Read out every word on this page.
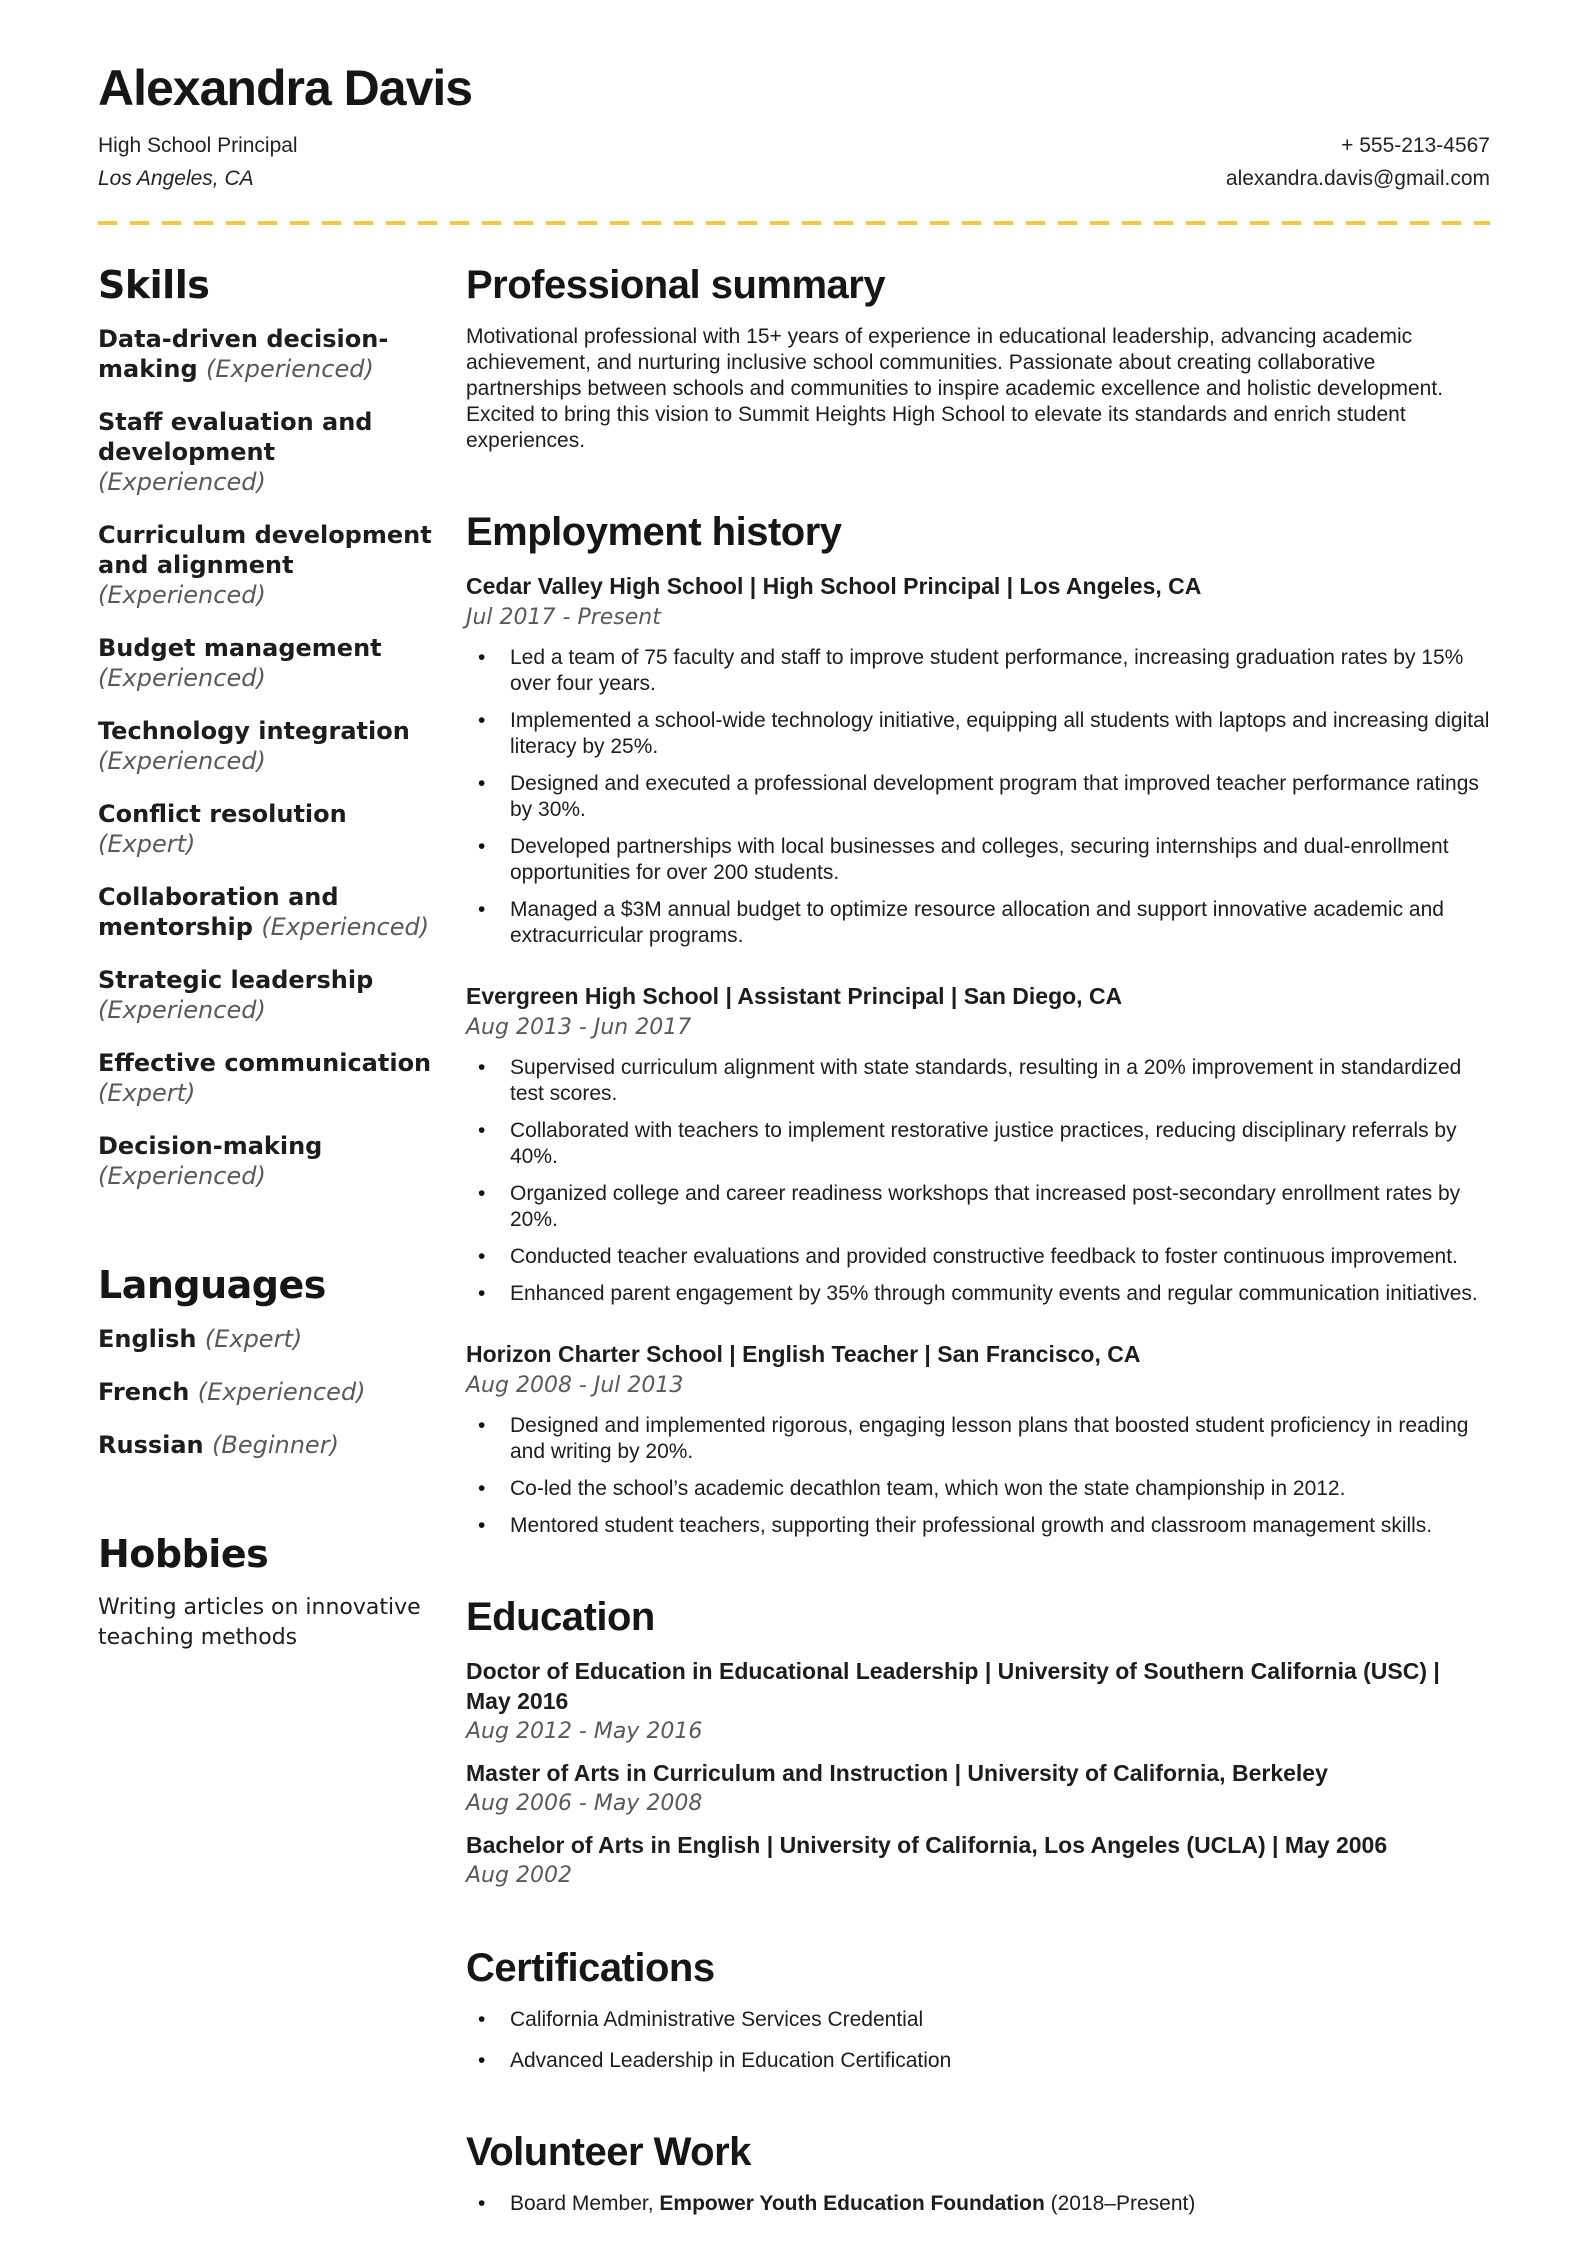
Alexandra Davis
High School Principal	+ 555-213-4567
Los Angeles, CA	alexandra.davis@gmail.com
Skills

Data-driven decision-making (Experienced)

Staff evaluation and development (Experienced)

Curriculum development and alignment (Experienced)

Budget management (Experienced)

Technology integration (Experienced)

Conflict resolution (Expert)

Collaboration and mentorship (Experienced)

Strategic leadership (Experienced)

Effective communication (Expert)

Decision-making (Experienced)

Languages

English (Expert)

French (Experienced)

Russian (Beginner)

Hobbies

Writing articles on innovative teaching methods

Professional summary

Motivational professional with 15+ years of experience in educational leadership, advancing academic achievement, and nurturing inclusive school communities. Passionate about creating collaborative partnerships between schools and communities to inspire academic excellence and holistic development. Excited to bring this vision to Summit Heights High School to elevate its standards and enrich student experiences.

Employment history
Cedar Valley High School | High School Principal | Los Angeles, CA

Jul 2017 - Present

• Led a team of 75 faculty and staff to improve student performance, increasing graduation rates by 15% over four years.
• Implemented a school-wide technology initiative, equipping all students with laptops and increasing digital literacy by 25%.
• Designed and executed a professional development program that improved teacher performance ratings by 30%.
• Developed partnerships with local businesses and colleges, securing internships and dual-enrollment opportunities for over 200 students.
• Managed a $3M annual budget to optimize resource allocation and support innovative academic and extracurricular programs.
Evergreen High School | Assistant Principal | San Diego, CA

Aug 2013 - Jun 2017

• Supervised curriculum alignment with state standards, resulting in a 20% improvement in standardized test scores.
• Collaborated with teachers to implement restorative justice practices, reducing disciplinary referrals by 40%.
• Organized college and career readiness workshops that increased post-secondary enrollment rates by 20%.
• Conducted teacher evaluations and provided constructive feedback to foster continuous improvement.
• Enhanced parent engagement by 35% through community events and regular communication initiatives.
Horizon Charter School | English Teacher | San Francisco, CA

Aug 2008 - Jul 2013

• Designed and implemented rigorous, engaging lesson plans that boosted student proficiency in reading and writing by 20%.
• Co-led the school’s academic decathlon team, which won the state championship in 2012.
• Mentored student teachers, supporting their professional growth and classroom management skills.
Education
Doctor of Education in Educational Leadership | University of Southern California (USC) | May 2016

Aug 2012 - May 2016

Master of Arts in Curriculum and Instruction | University of California, Berkeley

Aug 2006 - May 2008

Bachelor of Arts in English | University of California, Los Angeles (UCLA) | May 2006

Aug 2002

Certifications
• California Administrative Services Credential
• Advanced Leadership in Education Certification
Volunteer Work
• Board Member, Empower Youth Education Foundation (2018–Present)
